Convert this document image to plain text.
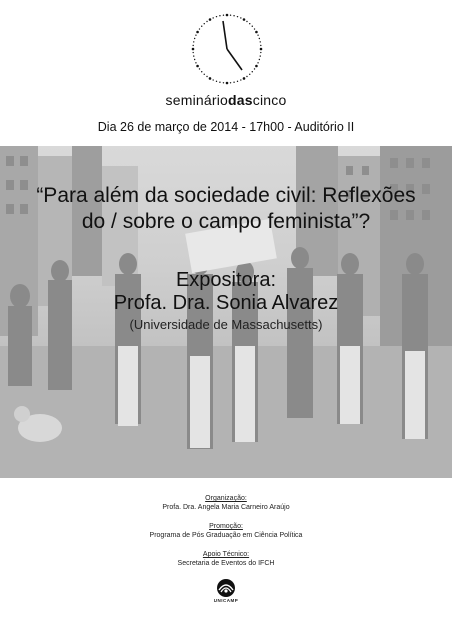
semináriodascinco
Dia 26 de março de 2014 - 17h00 - Auditório II
“Para além da sociedade civil: Reflexões
do / sobre o campo feminista”?
Expositora:
Profa. Dra. Sonia Alvarez
(Universidade de Massachusetts)
Organização:
Profa. Dra. Angela Maria Carneiro Araújo
Promoção:
Programa de Pós Graduação em Ciência Política
Apoio Técnico:
Secretaria de Eventos do IFCH
UNICAMP
